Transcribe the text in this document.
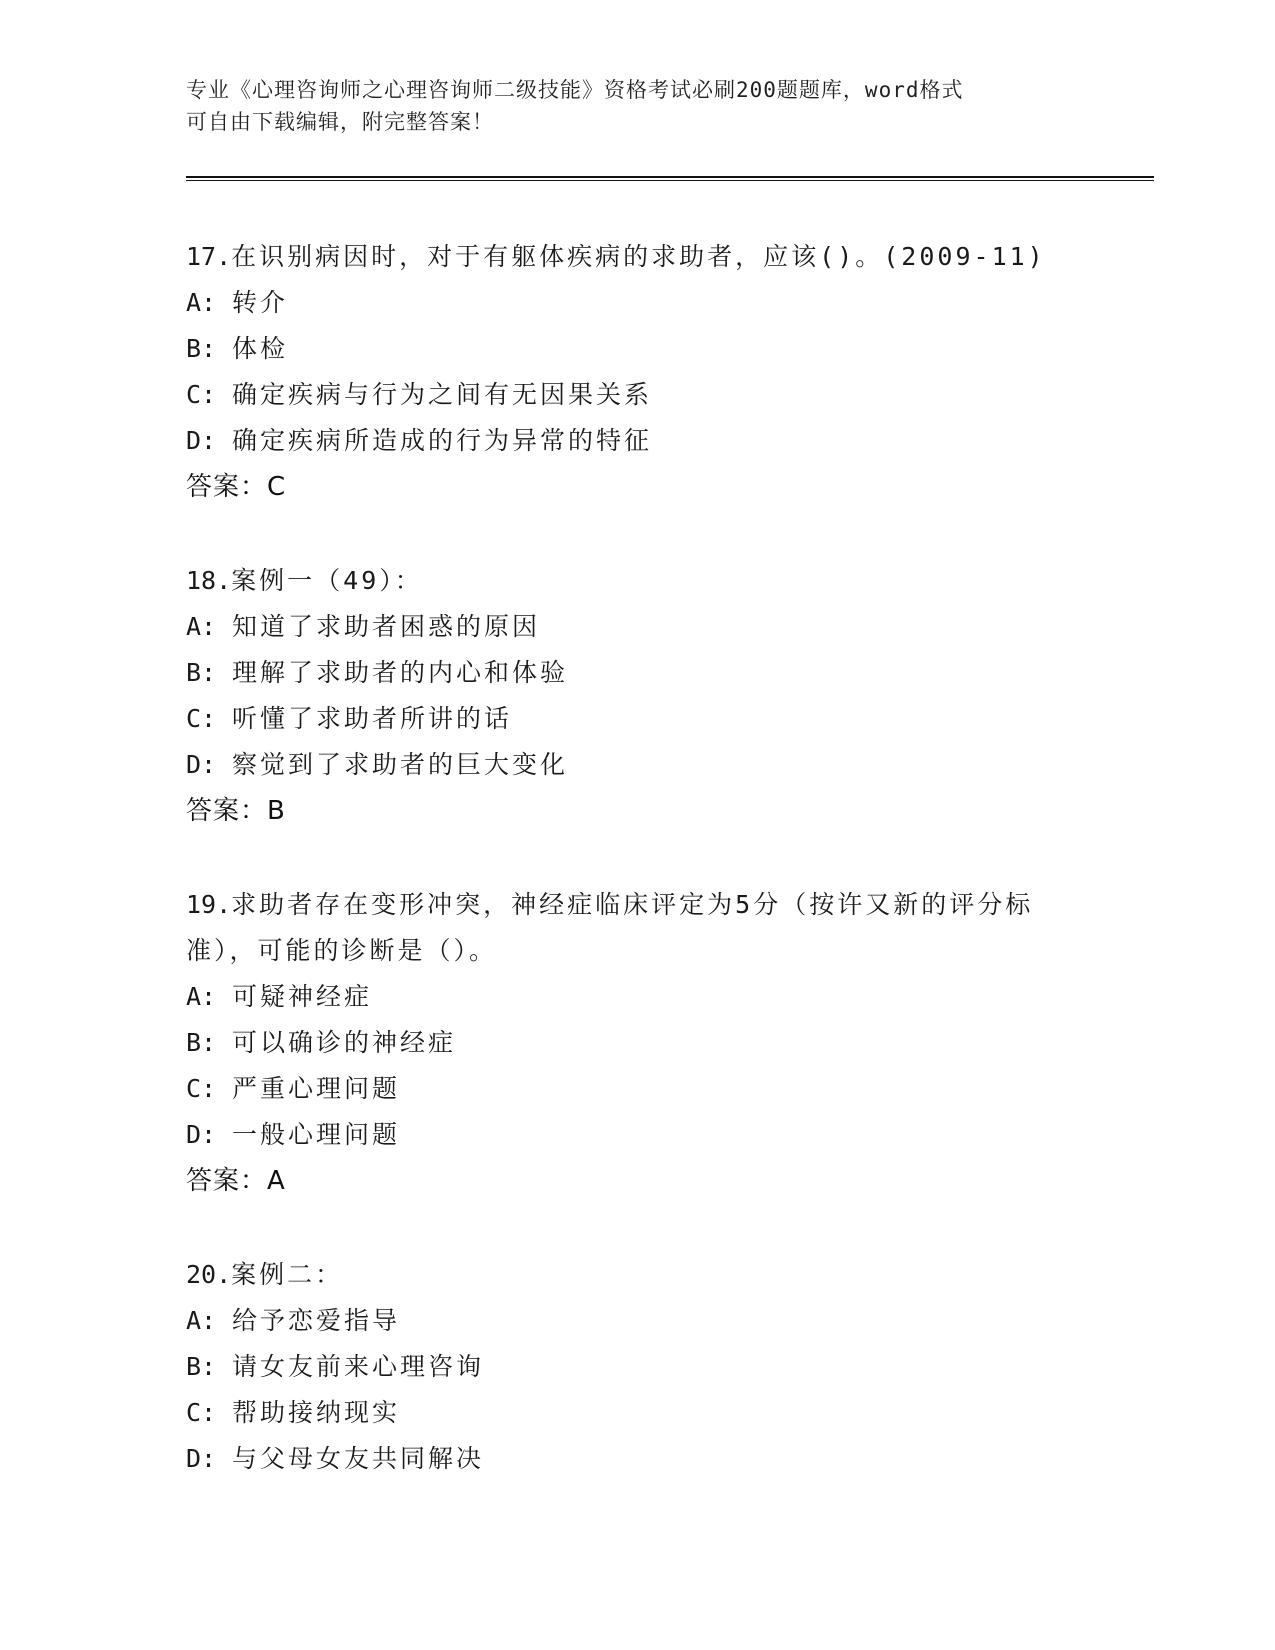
专业《心理咨询师之心理咨询师二级技能》资格考试必刷200题题库，word格式
可自由下载编辑，附完整答案！
17.在识别病因时，对于有躯体疾病的求助者，应该()。(2009-11)
A: 转介
B: 体检
C: 确定疾病与行为之间有无因果关系
D: 确定疾病所造成的行为异常的特征
答案：C
18.案例一（49）：
A: 知道了求助者困惑的原因
B: 理解了求助者的内心和体验
C: 听懂了求助者所讲的话
D: 察觉到了求助者的巨大变化
答案：B
19.求助者存在变形冲突，神经症临床评定为5分（按许又新的评分标
准），可能的诊断是（）。
A: 可疑神经症
B: 可以确诊的神经症
C: 严重心理问题
D: 一般心理问题
答案：A
20.案例二：
A: 给予恋爱指导
B: 请女友前来心理咨询
C: 帮助接纳现实
D: 与父母女友共同解决
